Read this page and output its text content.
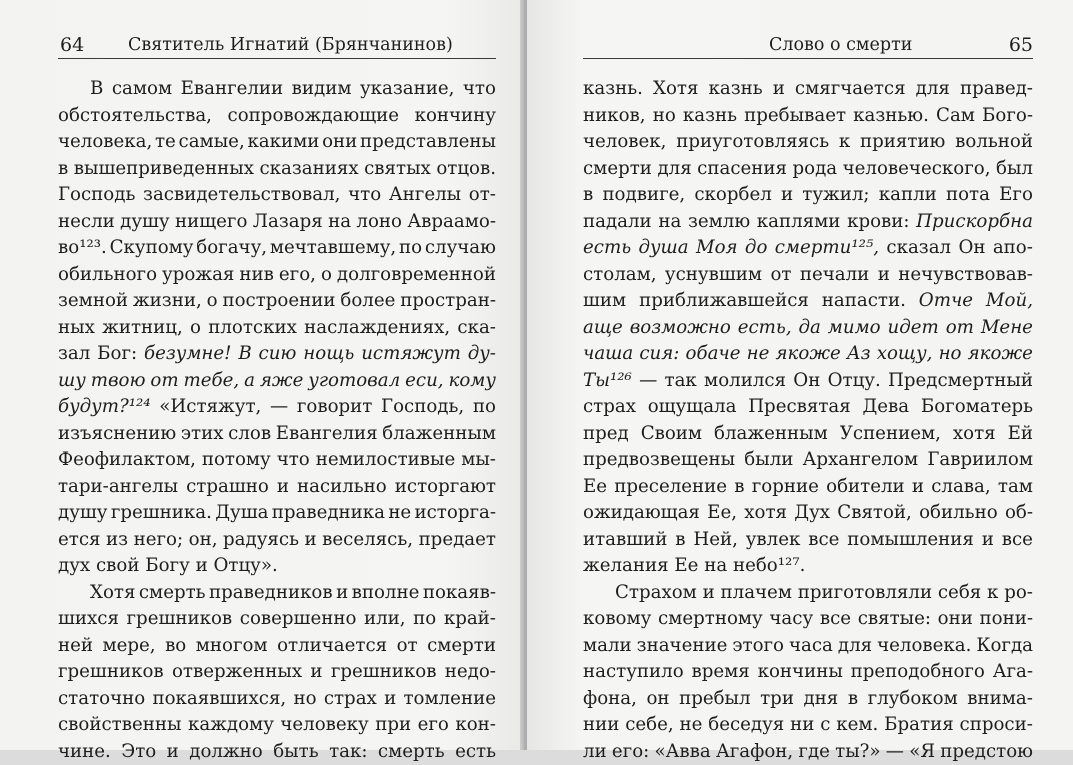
64	Святитель Игнатий (Брянчанинов)
В самом Евангелии видим указание, что
обстоятельства, сопровождающие кончину
человека, те самые, какими они представлены
в вышеприведенных сказаниях святых отцов.
Господь засвидетельствовал, что Ангелы от-
несли душу нищего Лазаря на лоно Авраамо-
во¹²³. Скупому богачу, мечтавшему, по случаю
обильного урожая нив его, о долговременной
земной жизни, о построении более простран-
ных житниц, о плотских наслаждениях, ска-
зал Бог: безумне! В сию нощь истяжут ду-
шу твою от тебе, а яже уготовал еси, кому
будут?¹²⁴ «Истяжут, — говорит Господь, по
изъяснению этих слов Евангелия блаженным
Феофилактом, потому что немилостивые мы-
тари-ангелы страшно и насильно исторгают
душу грешника. Душа праведника не исторга-
ется из него; он, радуясь и веселясь, предает
дух свой Богу и Отцу».
Хотя смерть праведников и вполне покаяв-
шихся грешников совершенно или, по край-
ней мере, во многом отличается от смерти
грешников отверженных и грешников недо-
статочно покаявшихся, но страх и томление
свойственны каждому человеку при его кон-
чине. Это и должно быть так: смерть есть
Слово о смерти	65
казнь. Хотя казнь и смягчается для правед-
ников, но казнь пребывает казнью. Сам Бого-
человек, приуготовляясь к приятию вольной
смерти для спасения рода человеческого, был
в подвиге, скорбел и тужил; капли пота Его
падали на землю каплями крови: Прискорбна
есть душа Моя до смерти¹²⁵, сказал Он апо-
столам, уснувшим от печали и нечувствовав-
шим приближавшейся напасти. Отче Мой,
аще возможно есть, да мимо идет от Мене
чаша сия: обаче не якоже Аз хощу, но якоже
Ты¹²⁶ — так молился Он Отцу. Предсмертный
страх ощущала Пресвятая Дева Богоматерь
пред Своим блаженным Успением, хотя Ей
предвозвещены были Архангелом Гавриилом
Ее преселение в горние обители и слава, там
ожидающая Ее, хотя Дух Святой, обильно об-
итавший в Ней, увлек все помышления и все
желания Ее на небо¹²⁷.
Страхом и плачем приготовляли себя к ро-
ковому смертному часу все святые: они пони-
мали значение этого часа для человека. Когда
наступило время кончины преподобного Ага-
фона, он пребыл три дня в глубоком внима-
нии себе, не беседуя ни с кем. Братия спроси-
ли его: «Авва Агафон, где ты?» — «Я предстою
